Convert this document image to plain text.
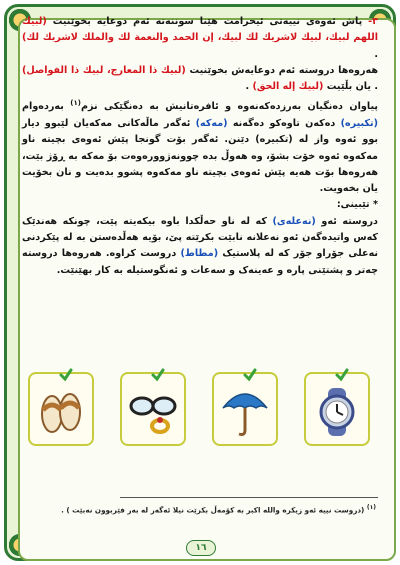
٣- پاش ئەوەی نییەتی ئیحرامت هێنا سوننەتە ئەم دوعایە بخوێنیت (لبيك اللهم لبيك، لبيك لاشريك لك لبيك، إن الحمد والنعمة لك والملك لاشريك لك) .

هەروەها دروستە ئەم دوعایەش بخوێنیت (لبيك ذا المعارج، لبيك ذا الفواصل) . یان بڵێیت (لبيك إله الحق) .

پیاوان دەنگیان بەرزدەکەنەوە و ئافرەتانیش بە دەنگێکی نزم$^{(١)}$ بەردەوام (تکبیرە) دەکەن تاوەکو دەگەنە (مەکە) ئەگەر ماڵەکانی مەکەیان لێبوو دیار بوو ئەوە واز لە (تکبیرە) دێنن. ئەگەر بۆت گونجا پێش ئەوەی بچیتە ناو مەکەوە ئەوە خۆت بشۆ، وە هەوڵ بدە چوونەژوورەوەت بۆ مەکە بە ڕۆژ بێت، هەروەها بۆت هەیە پێش ئەوەی بچیتە ناو مەکەوە پشوو بدەیت و نان بخۆیت یان بخەویت.

* تێبینی:

دروستە ئەو (نەعلەی) کە لە ناو حەڵکدا باوە بیکەیتە پێت، چونکە هەندێک کەس واتیدەگەن ئەو نەعلانە نابێت بکرێتە پێ، بۆیە هەڵدەستن بە لە پێکردنی نەعلی جۆراو جۆر کە لە پلاستیک (مطاط) دروست کراوە. هەروەها دروستە چەتر و پشتێنی پارە و عەینەک و سەعات و ئەنگوستیلە بە کار بهێنێت.

$^{(١)}$ (دروست نییە ئەو زیکرە والله اکبر بە کۆمەڵ بکرێت نیلا ئەگەر لە بەر فێربوون نەبێت ) .
١٦
